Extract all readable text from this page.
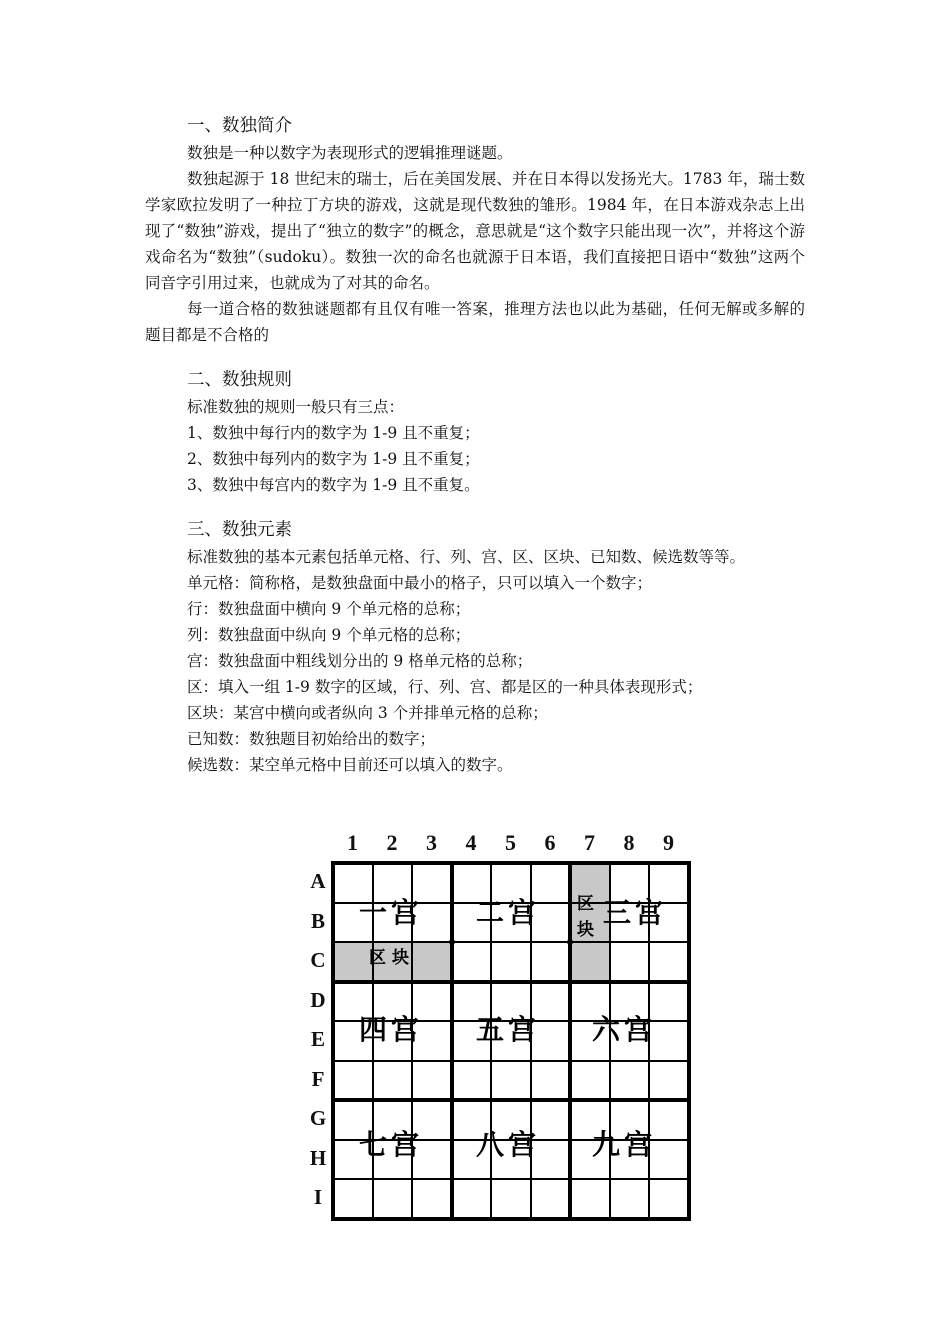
一、数独简介

数独是一种以数字为表现形式的逻辑推理谜题。

数独起源于 18 世纪末的瑞士，后在美国发展、并在日本得以发扬光大。1783 年，瑞士数学家欧拉发明了一种拉丁方块的游戏，这就是现代数独的雏形。1984 年，在日本游戏杂志上出现了“数独”游戏，提出了“独立的数字”的概念，意思就是“这个数字只能出现一次”，并将这个游戏命名为“数独”（sudoku）。数独一次的命名也就源于日本语，我们直接把日语中“数独”这两个同音字引用过来，也就成为了对其的命名。

每一道合格的数独谜题都有且仅有唯一答案，推理方法也以此为基础，任何无解或多解的题目都是不合格的

二、数独规则

标准数独的规则一般只有三点：

1、数独中每行内的数字为 1-9 且不重复；

2、数独中每列内的数字为 1-9 且不重复；

3、数独中每宫内的数字为 1-9 且不重复。

三、数独元素

标准数独的基本元素包括单元格、行、列、宫、区、区块、已知数、候选数等等。

单元格：简称格，是数独盘面中最小的格子，只可以填入一个数字；

行：数独盘面中横向 9 个单元格的总称；

列：数独盘面中纵向 9 个单元格的总称；

宫：数独盘面中粗线划分出的 9 格单元格的总称；

区：填入一组 1-9 数字的区域，行、列、宫、都是区的一种具体表现形式；

区块：某宫中横向或者纵向 3 个并排单元格的总称；

已知数：数独题目初始给出的数字；

候选数：某空单元格中目前还可以填入的数字。

一宫 二宫 三宫
四宫 五宫 六宫
七宫 八宫 九宫
区块
区块
1	2	3	4	5	6	7	8	9
A
B
C
D
E
F
G
H
I
